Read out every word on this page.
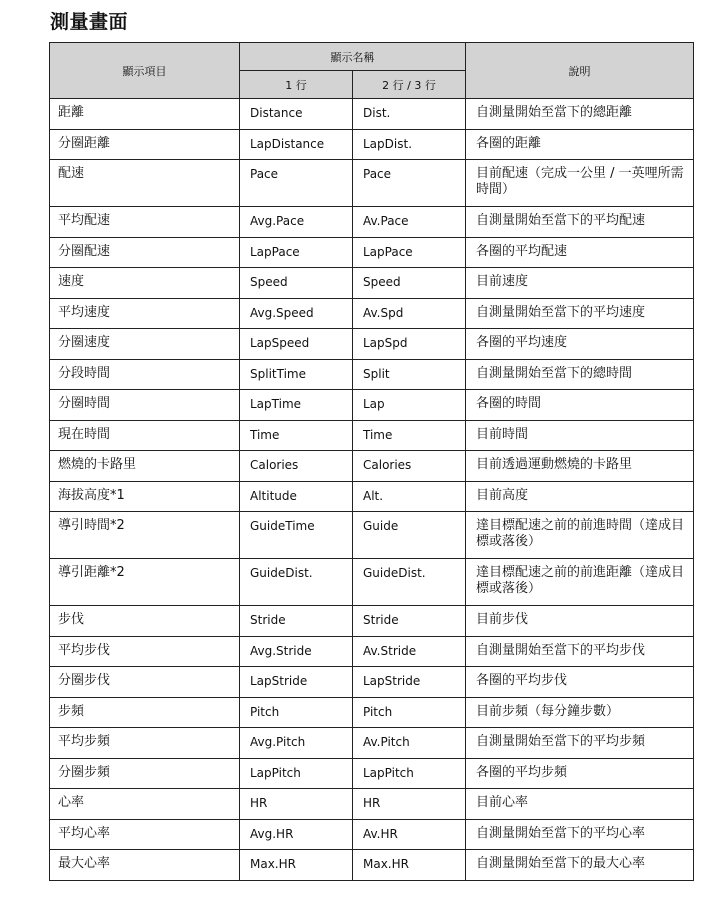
測量畫面
顯示項目	顯示名稱		說明
	1 行	2 行 / 3 行	
距離	Distance	Dist.	自測量開始至當下的總距離
分圈距離	LapDistance	LapDist.	各圈的距離
配速	Pace	Pace	目前配速（完成一公里 / 一英哩所需時間）
平均配速	Avg.Pace	Av.Pace	自測量開始至當下的平均配速
分圈配速	LapPace	LapPace	各圈的平均配速
速度	Speed	Speed	目前速度
平均速度	Avg.Speed	Av.Spd	自測量開始至當下的平均速度
分圈速度	LapSpeed	LapSpd	各圈的平均速度
分段時間	SplitTime	Split	自測量開始至當下的總時間
分圈時間	LapTime	Lap	各圈的時間
現在時間	Time	Time	目前時間
燃燒的卡路里	Calories	Calories	目前透過運動燃燒的卡路里
海拔高度*1	Altitude	Alt.	目前高度
導引時間*2	GuideTime	Guide	達目標配速之前的前進時間（達成目標或落後）
導引距離*2	GuideDist.	GuideDist.	達目標配速之前的前進距離（達成目標或落後）
步伐	Stride	Stride	目前步伐
平均步伐	Avg.Stride	Av.Stride	自測量開始至當下的平均步伐
分圈步伐	LapStride	LapStride	各圈的平均步伐
步頻	Pitch	Pitch	目前步頻（每分鐘步數）
平均步頻	Avg.Pitch	Av.Pitch	自測量開始至當下的平均步頻
分圈步頻	LapPitch	LapPitch	各圈的平均步頻
心率	HR	HR	目前心率
平均心率	Avg.HR	Av.HR	自測量開始至當下的平均心率
最大心率	Max.HR	Max.HR	自測量開始至當下的最大心率
